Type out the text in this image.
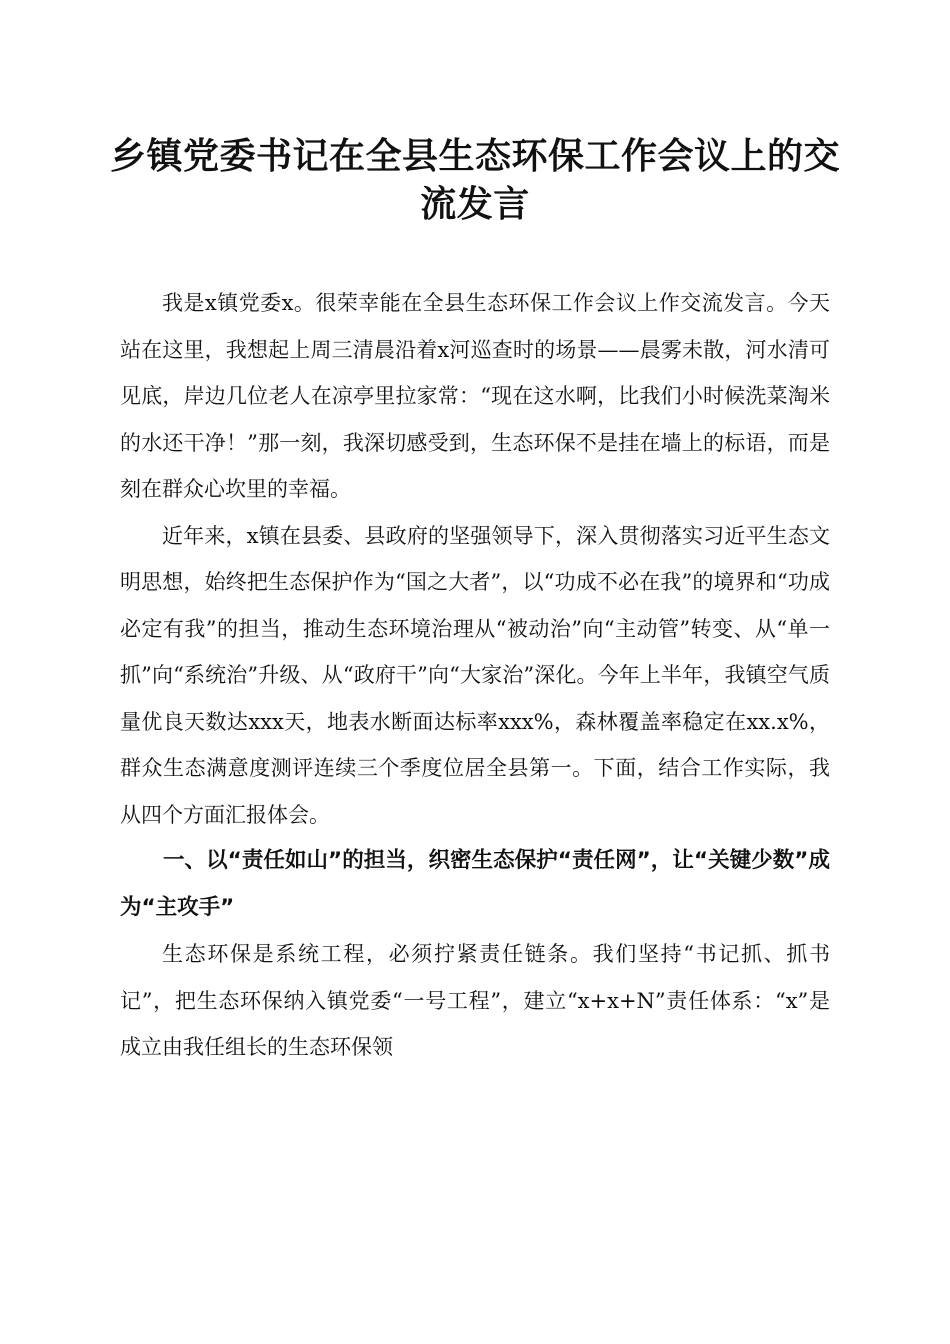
乡镇党委书记在全县生态环保工作会议上的交流发言

我是x镇党委x。很荣幸能在全县生态环保工作会议上作交流发言。今天站在这里，我想起上周三清晨沿着x河巡查时的场景——晨雾未散，河水清可见底，岸边几位老人在凉亭里拉家常：“现在这水啊，比我们小时候洗菜淘米的水还干净！”那一刻，我深切感受到，生态环保不是挂在墙上的标语，而是刻在群众心坎里的幸福。

近年来，x镇在县委、县政府的坚强领导下，深入贯彻落实习近平生态文明思想，始终把生态保护作为“国之大者”，以“功成不必在我”的境界和“功成必定有我”的担当，推动生态环境治理从“被动治”向“主动管”转变、从“单一抓”向“系统治”升级、从“政府干”向“大家治”深化。今年上半年，我镇空气质量优良天数达xxx天，地表水断面达标率xxx%，森林覆盖率稳定在xx.x%，群众生态满意度测评连续三个季度位居全县第一。下面，结合工作实际，我从四个方面汇报体会。

一、以“责任如山”的担当，织密生态保护“责任网”，让“关键少数”成为“主攻手”

生态环保是系统工程，必须拧紧责任链条。我们坚持“书记抓、抓书记”，把生态环保纳入镇党委“一号工程”，建立“x+x+N”责任体系：“x”是成立由我任组长的生态环保领
